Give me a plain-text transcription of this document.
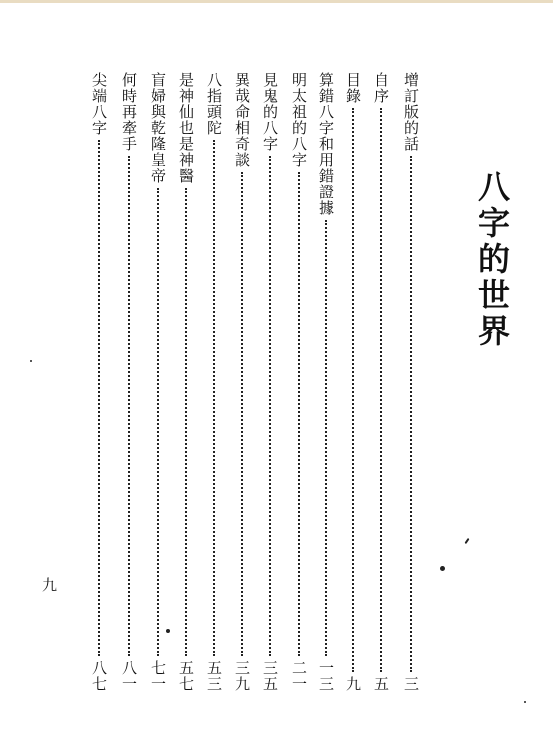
八字的世界
增訂版的話
三
自序
五
目錄
九
算錯八字和用錯證據
一三
明太祖的八字
二一
見鬼的八字
三五
異哉命相奇談
三九
八指頭陀
五三
是神仙也是神醫
五七
盲婦與乾隆皇帝
七一
何時再牽手
八一
尖端八字
八七
九
